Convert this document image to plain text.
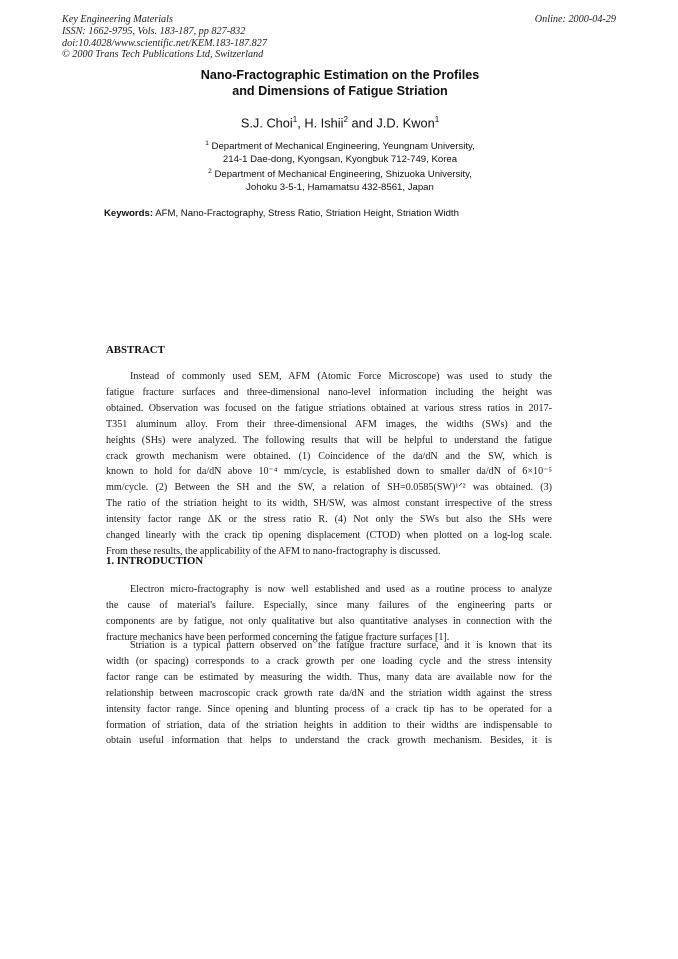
Key Engineering Materials
ISSN: 1662-9795, Vols. 183-187, pp 827-832
doi:10.4028/www.scientific.net/KEM.183-187.827
© 2000 Trans Tech Publications Ltd, Switzerland
Online: 2000-04-29
Nano-Fractographic Estimation on the Profiles
and Dimensions of Fatigue Striation
S.J. Choi$^1$, H. Ishii$^2$ and J.D. Kwon$^1$
$^1$ Department of Mechanical Engineering, Yeungnam University,
214-1 Dae-dong, Kyongsan, Kyongbuk 712-749, Korea
$^2$ Department of Mechanical Engineering, Shizuoka University,
Johoku 3-5-1, Hamamatsu 432-8561, Japan
Keywords: AFM, Nano-Fractography, Stress Ratio, Striation Height, Striation Width
ABSTRACT
Instead of commonly used SEM, AFM (Atomic Force Microscope) was used to study the
fatigue fracture surfaces and three-dimensional nano-level information including the height was
obtained. Observation was focused on the fatigue striations obtained at various stress ratios in 2017-
T351 aluminum alloy. From their three-dimensional AFM images, the widths (SWs) and the
heights (SHs) were analyzed. The following results that will be helpful to understand the fatigue
crack growth mechanism were obtained. (1) Coincidence of the da/dN and the SW, which is
known to hold for da/dN above 10⁻⁴ mm/cycle, is established down to smaller da/dN of 6×10⁻⁵
mm/cycle. (2) Between the SH and the SW, a relation of SH=0.0585(SW)¹ᐟ² was obtained. (3)
The ratio of the striation height to its width, SH/SW, was almost constant irrespective of the stress
intensity factor range ΔK or the stress ratio R. (4) Not only the SWs but also the SHs were
changed linearly with the crack tip opening displacement (CTOD) when plotted on a log-log scale.
From these results, the applicability of the AFM to nano-fractography is discussed.
1. INTRODUCTION
Electron micro-fractography is now well established and used as a routine process to analyze
the cause of material's failure. Especially, since many failures of the engineering parts or
components are by fatigue, not only qualitative but also quantitative analyses in connection with the
fracture mechanics have been performed concerning the fatigue fracture surfaces [1].
Striation is a typical pattern observed on the fatigue fracture surface, and it is known that its
width (or spacing) corresponds to a crack growth per one loading cycle and the stress intensity
factor range can be estimated by measuring the width. Thus, many data are available now for the
relationship between macroscopic crack growth rate da/dN and the striation width against the stress
intensity factor range. Since opening and blunting process of a crack tip has to be operated for a
formation of striation, data of the striation heights in addition to their widths are indispensable to
obtain useful information that helps to understand the crack growth mechanism. Besides, it is
